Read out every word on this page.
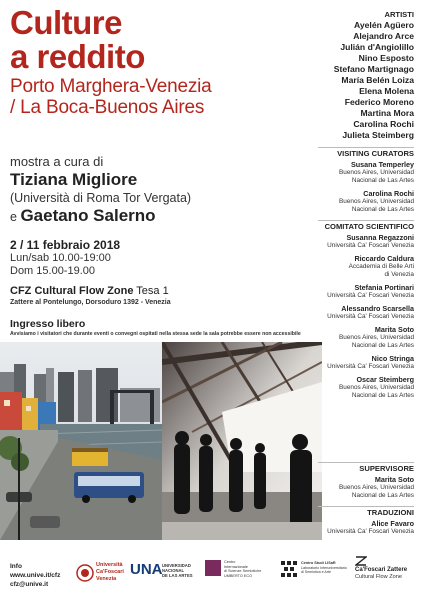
Culture
a reddito
Porto Marghera-Venezia
/ La Boca-Buenos Aires
mostra a cura di
Tiziana Migliore
(Università di Roma Tor Vergata)
e Gaetano Salerno
2 / 11 febbraio 2018
Lun/sab 10.00-19:00
Dom 15.00-19.00
CFZ Cultural Flow Zone Tesa 1
Zattere al Pontelungo, Dorsoduro 1392 - Venezia
Ingresso libero
Avvisiamo i visitatori che durante eventi o convegni ospitati nella stessa sede la sala potrebbe essere non accessibile
ARTISTI
Ayelén Agüero
Alejandro Arce
Julián d'Angiolillo
Nino Esposto
Stefano Martignago
María Belén Loiza
Elena Molena
Federico Moreno
Martina Mora
Carolina Rochi
Julieta Steimberg
VISITING CURATORS
Susana Temperley
Buenos Aires, Universidad
Nacional de Las Artes
Carolina Rochi
Buenos Aires, Universidad
Nacional de Las Artes
COMITATO SCIENTIFICO
Susanna Regazzoni
Università Ca' Foscari Venezia
Riccardo Caldura
Accademia di Belle Arti
di Venezia
Stefania Portinari
Università Ca' Foscari Venezia
Alessandro Scarsella
Università Ca' Foscari Venezia
Marita Soto
Buenos Aires, Universidad
Nacional de Las Artes
Nico Stringa
Università Ca' Foscari Venezia
Oscar Steimberg
Buenos Aires, Universidad
Nacional de Las Artes
SUPERVISORE
Marita Soto
Buenos Aires, Universidad
Nacional de Las Artes
TRADUZIONI
Alice Favaro
Università Ca' Foscari Venezia
Info
www.unive.it/cfz
cfz@unive.it
Università
Ca'Foscari
Venezia
UNA UNIVERSIDAD
NACIONAL
DE LAS ARTES
Centro
Internazionale
di Scienze Semiotiche
UMBERTO ECO
Centro Studi LISaR
Laboratorio Interuniversitario
di Semiotica e Arte	Ca'Foscari Zattere
Cultural Flow Zone
